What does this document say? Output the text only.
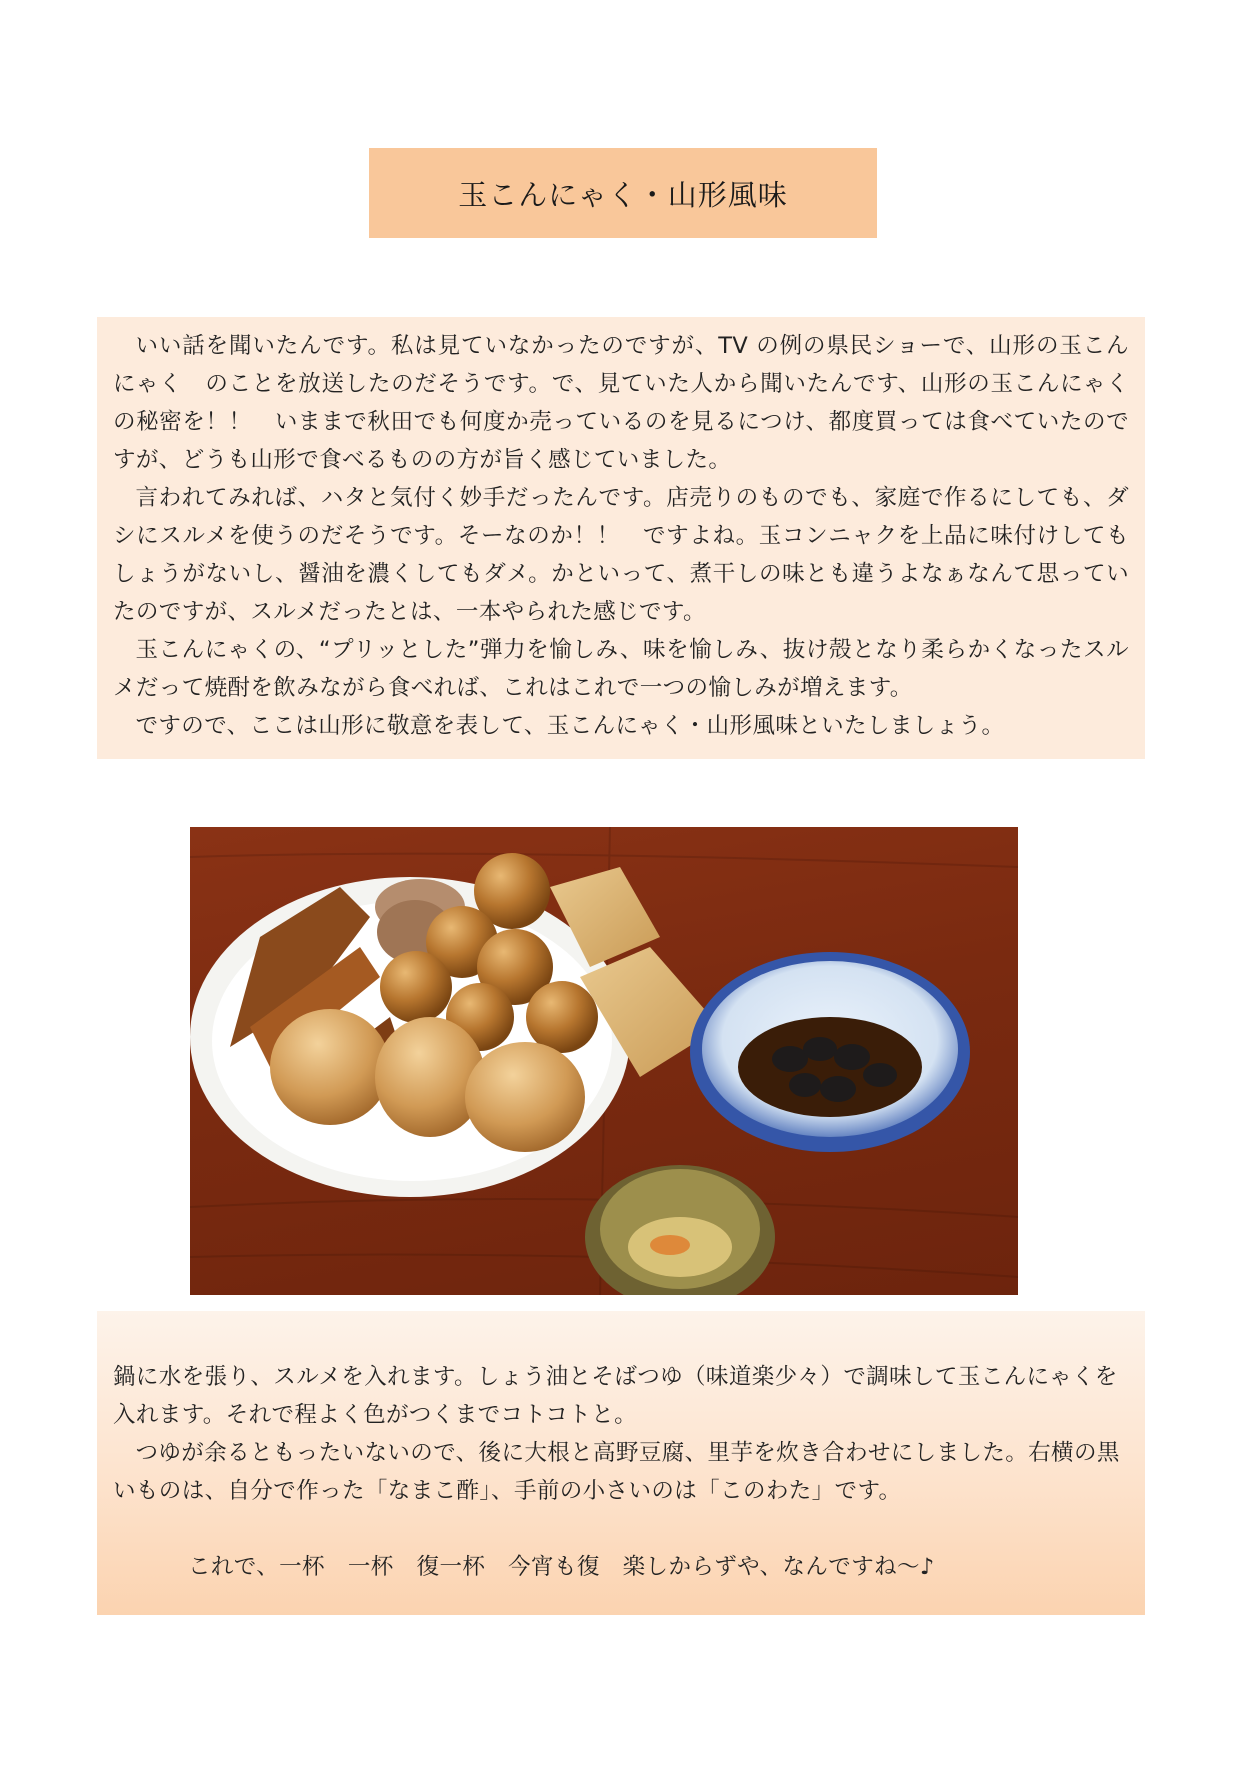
玉こんにゃく・山形風味

いい話を聞いたんです。私は見ていなかったのですが、TV の例の県民ショーで、山形の玉こんにゃく　のことを放送したのだそうです。で、見ていた人から聞いたんです、山形の玉こんにゃくの秘密を！！　いままで秋田でも何度か売っているのを見るにつけ、都度買っては食べていたのですが、どうも山形で食べるものの方が旨く感じていました。

言われてみれば、ハタと気付く妙手だったんです。店売りのものでも、家庭で作るにしても、ダシにスルメを使うのだそうです。そーなのか！！　ですよね。玉コンニャクを上品に味付けしてもしょうがないし、醤油を濃くしてもダメ。かといって、煮干しの味とも違うよなぁなんて思っていたのですが、スルメだったとは、一本やられた感じです。

玉こんにゃくの、“プリッとした”弾力を愉しみ、味を愉しみ、抜け殻となり柔らかくなったスルメだって焼酎を飲みながら食べれば、これはこれで一つの愉しみが増えます。

ですので、ここは山形に敬意を表して、玉こんにゃく・山形風味といたしましょう。

鍋に水を張り、スルメを入れます。しょう油とそばつゆ（味道楽少々）で調味して玉こんにゃくを入れます。それで程よく色がつくまでコトコトと。

つゆが余るともったいないので、後に大根と高野豆腐、里芋を炊き合わせにしました。右横の黒いものは、自分で作った「なまこ酢」、手前の小さいのは「このわた」です。

これで、一杯　一杯　復一杯　今宵も復　楽しからずや、なんですね～♪
